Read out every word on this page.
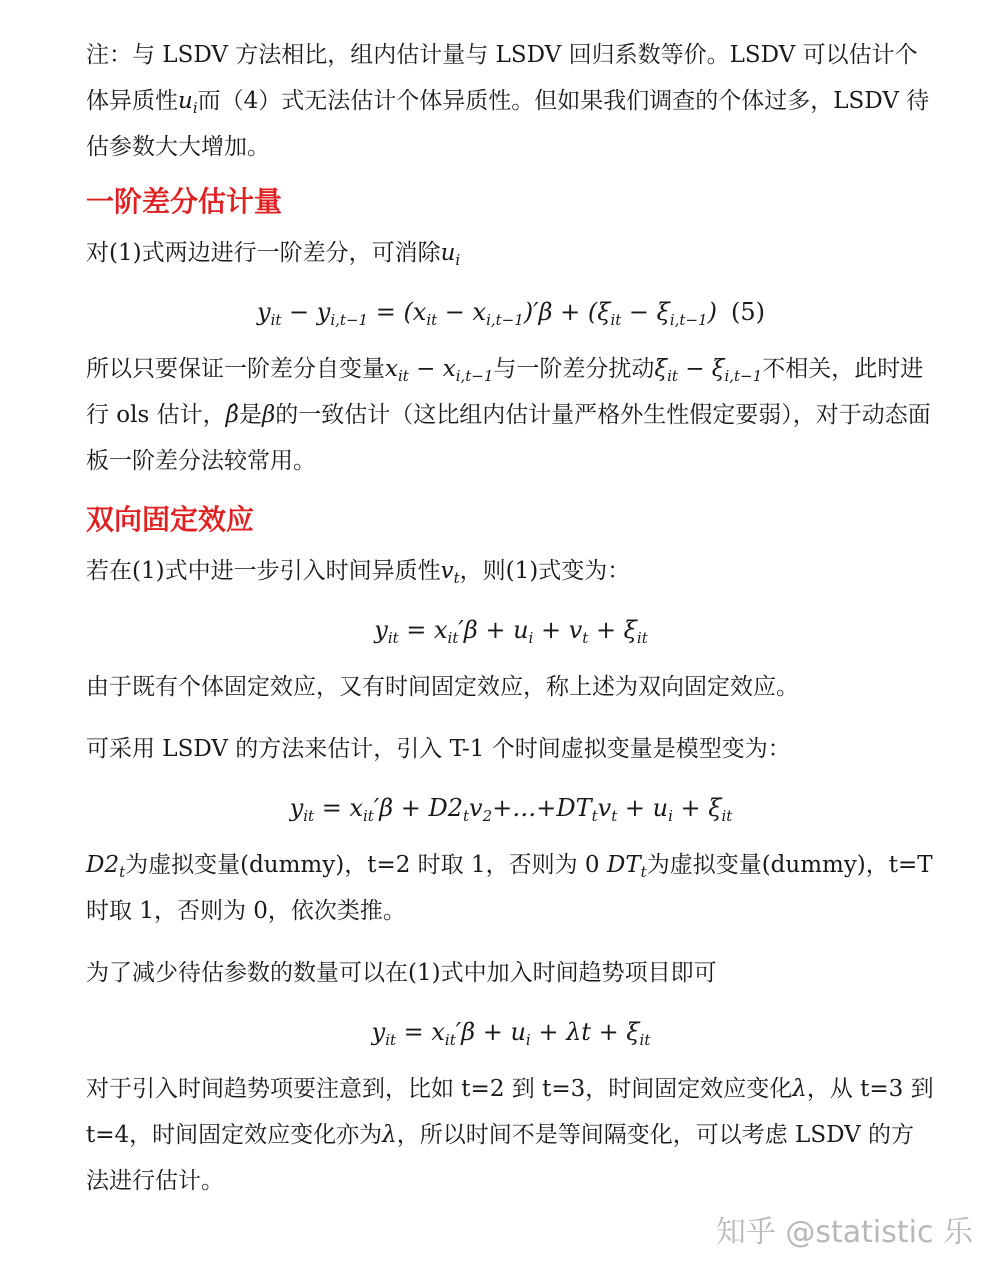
注：与 LSDV 方法相比，组内估计量与 LSDV 回归系数等价。LSDV 可以估计个体异质性$u_i$而（4）式无法估计个体异质性。但如果我们调查的个体过多，LSDV 待估参数大大增加。

一阶差分估计量

对(1)式两边进行一阶差分，可消除$u_i$

$y_{it} - y_{i,t-1} = (x_{it} - x_{i,t-1})'\beta + (\xi_{it} - \xi_{i,t-1})$ (5)

所以只要保证一阶差分自变量$x_{it} - x_{i,t-1}$与一阶差分扰动$\xi_{it} - \xi_{i,t-1}$不相关，此时进行 ols 估计，β̂是β的一致估计（这比组内估计量严格外生性假定要弱），对于动态面板一阶差分法较常用。

双向固定效应

若在(1)式中进一步引入时间异质性$v_t$，则(1)式变为：

$y_{it} = x_{it}'\beta + u_i + v_t + \xi_{it}$

由于既有个体固定效应，又有时间固定效应，称上述为双向固定效应。

可采用 LSDV 的方法来估计，引入 T-1 个时间虚拟变量是模型变为：

$y_{it} = x_{it}'\beta$ + $D2_tv_2+\dots+DT_tv_t + u_i + \xi_{it}$

$D2_t$为虚拟变量(dummy)，t=2 时取 1，否则为 0 $DT_t$为虚拟变量(dummy)，t=T 时取 1，否则为 0，依次类推。

为了减少待估参数的数量可以在(1)式中加入时间趋势项目即可

$y_{it} = x_{it}'\beta + u_i + \lambda t + \xi_{it}$

对于引入时间趋势项要注意到，比如 t=2 到 t=3，时间固定效应变化λ，从 t=3 到 t=4，时间固定效应变化亦为λ，所以时间不是等间隔变化，可以考虑 LSDV 的方法进行估计。

知乎 @statistic 乐
